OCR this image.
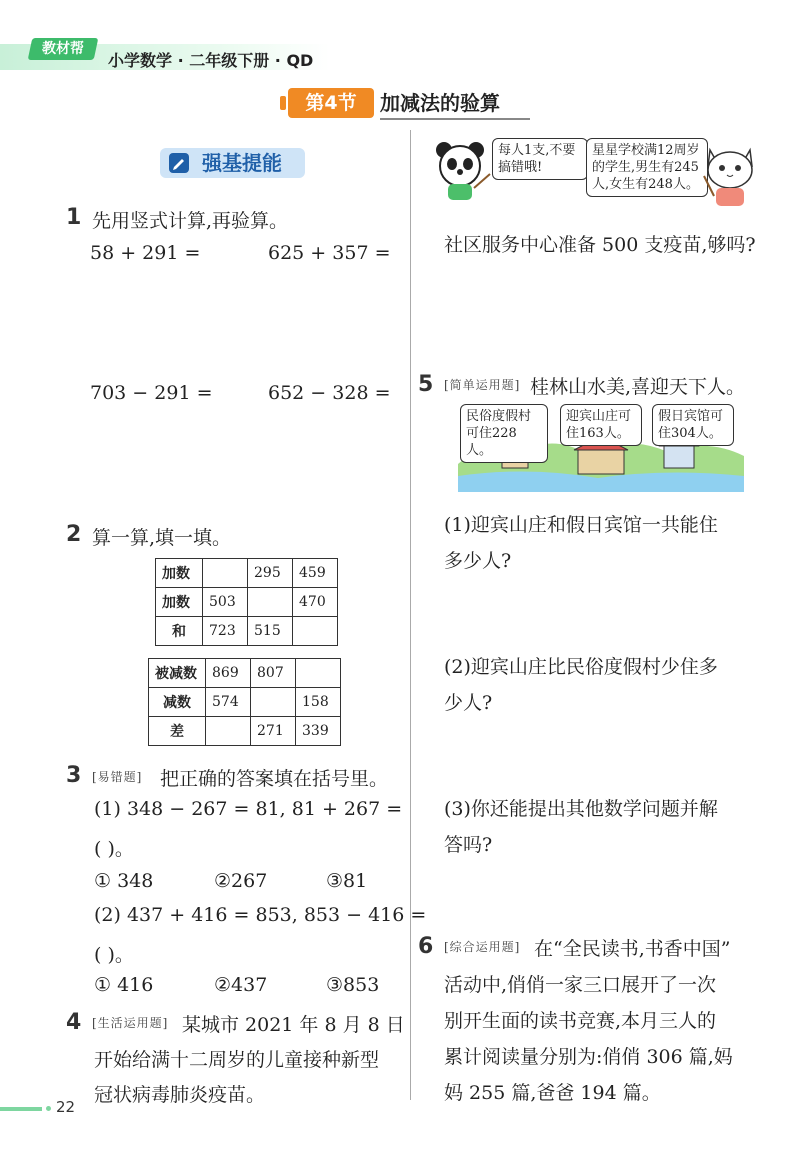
教材帮
小学数学 · 二年级下册 · QD
第4节	加减法的验算
强基提能
1 先用竖式计算,再验算。
58 + 291 =	625 + 357 =
703 − 291 =	652 − 328 =
2 算一算,填一填。
加数		295	459
加数	503		470
和	723	515	
被减数	869	807	
减数	574		158
差		271	339
3 [易错题] 把正确的答案填在括号里。
(1) 348 − 267 = 81, 81 + 267 =
( )。
① 348	②267	③81
(2) 437 + 416 = 853, 853 − 416 =
( )。
① 416	②437	③853
4 [生活运用题] 某城市 2021 年 8 月 8 日
开始给满十二周岁的儿童接种新型
冠状病毒肺炎疫苗。
每人1支,不要搞错哦!
星星学校满12周岁的学生,男生有245人,女生有248人。
社区服务中心准备 500 支疫苗,够吗?
5 [简单运用题] 桂林山水美,喜迎天下人。
民俗度假村可住228人。
迎宾山庄可住163人。
假日宾馆可住304人。
(1)迎宾山庄和假日宾馆一共能住
多少人?
(2)迎宾山庄比民俗度假村少住多
少人?
(3)你还能提出其他数学问题并解
答吗?
6 [综合运用题] 在“全民读书,书香中国”
活动中,俏俏一家三口展开了一次
别开生面的读书竞赛,本月三人的
累计阅读量分别为:俏俏 306 篇,妈
妈 255 篇,爸爸 194 篇。
22
